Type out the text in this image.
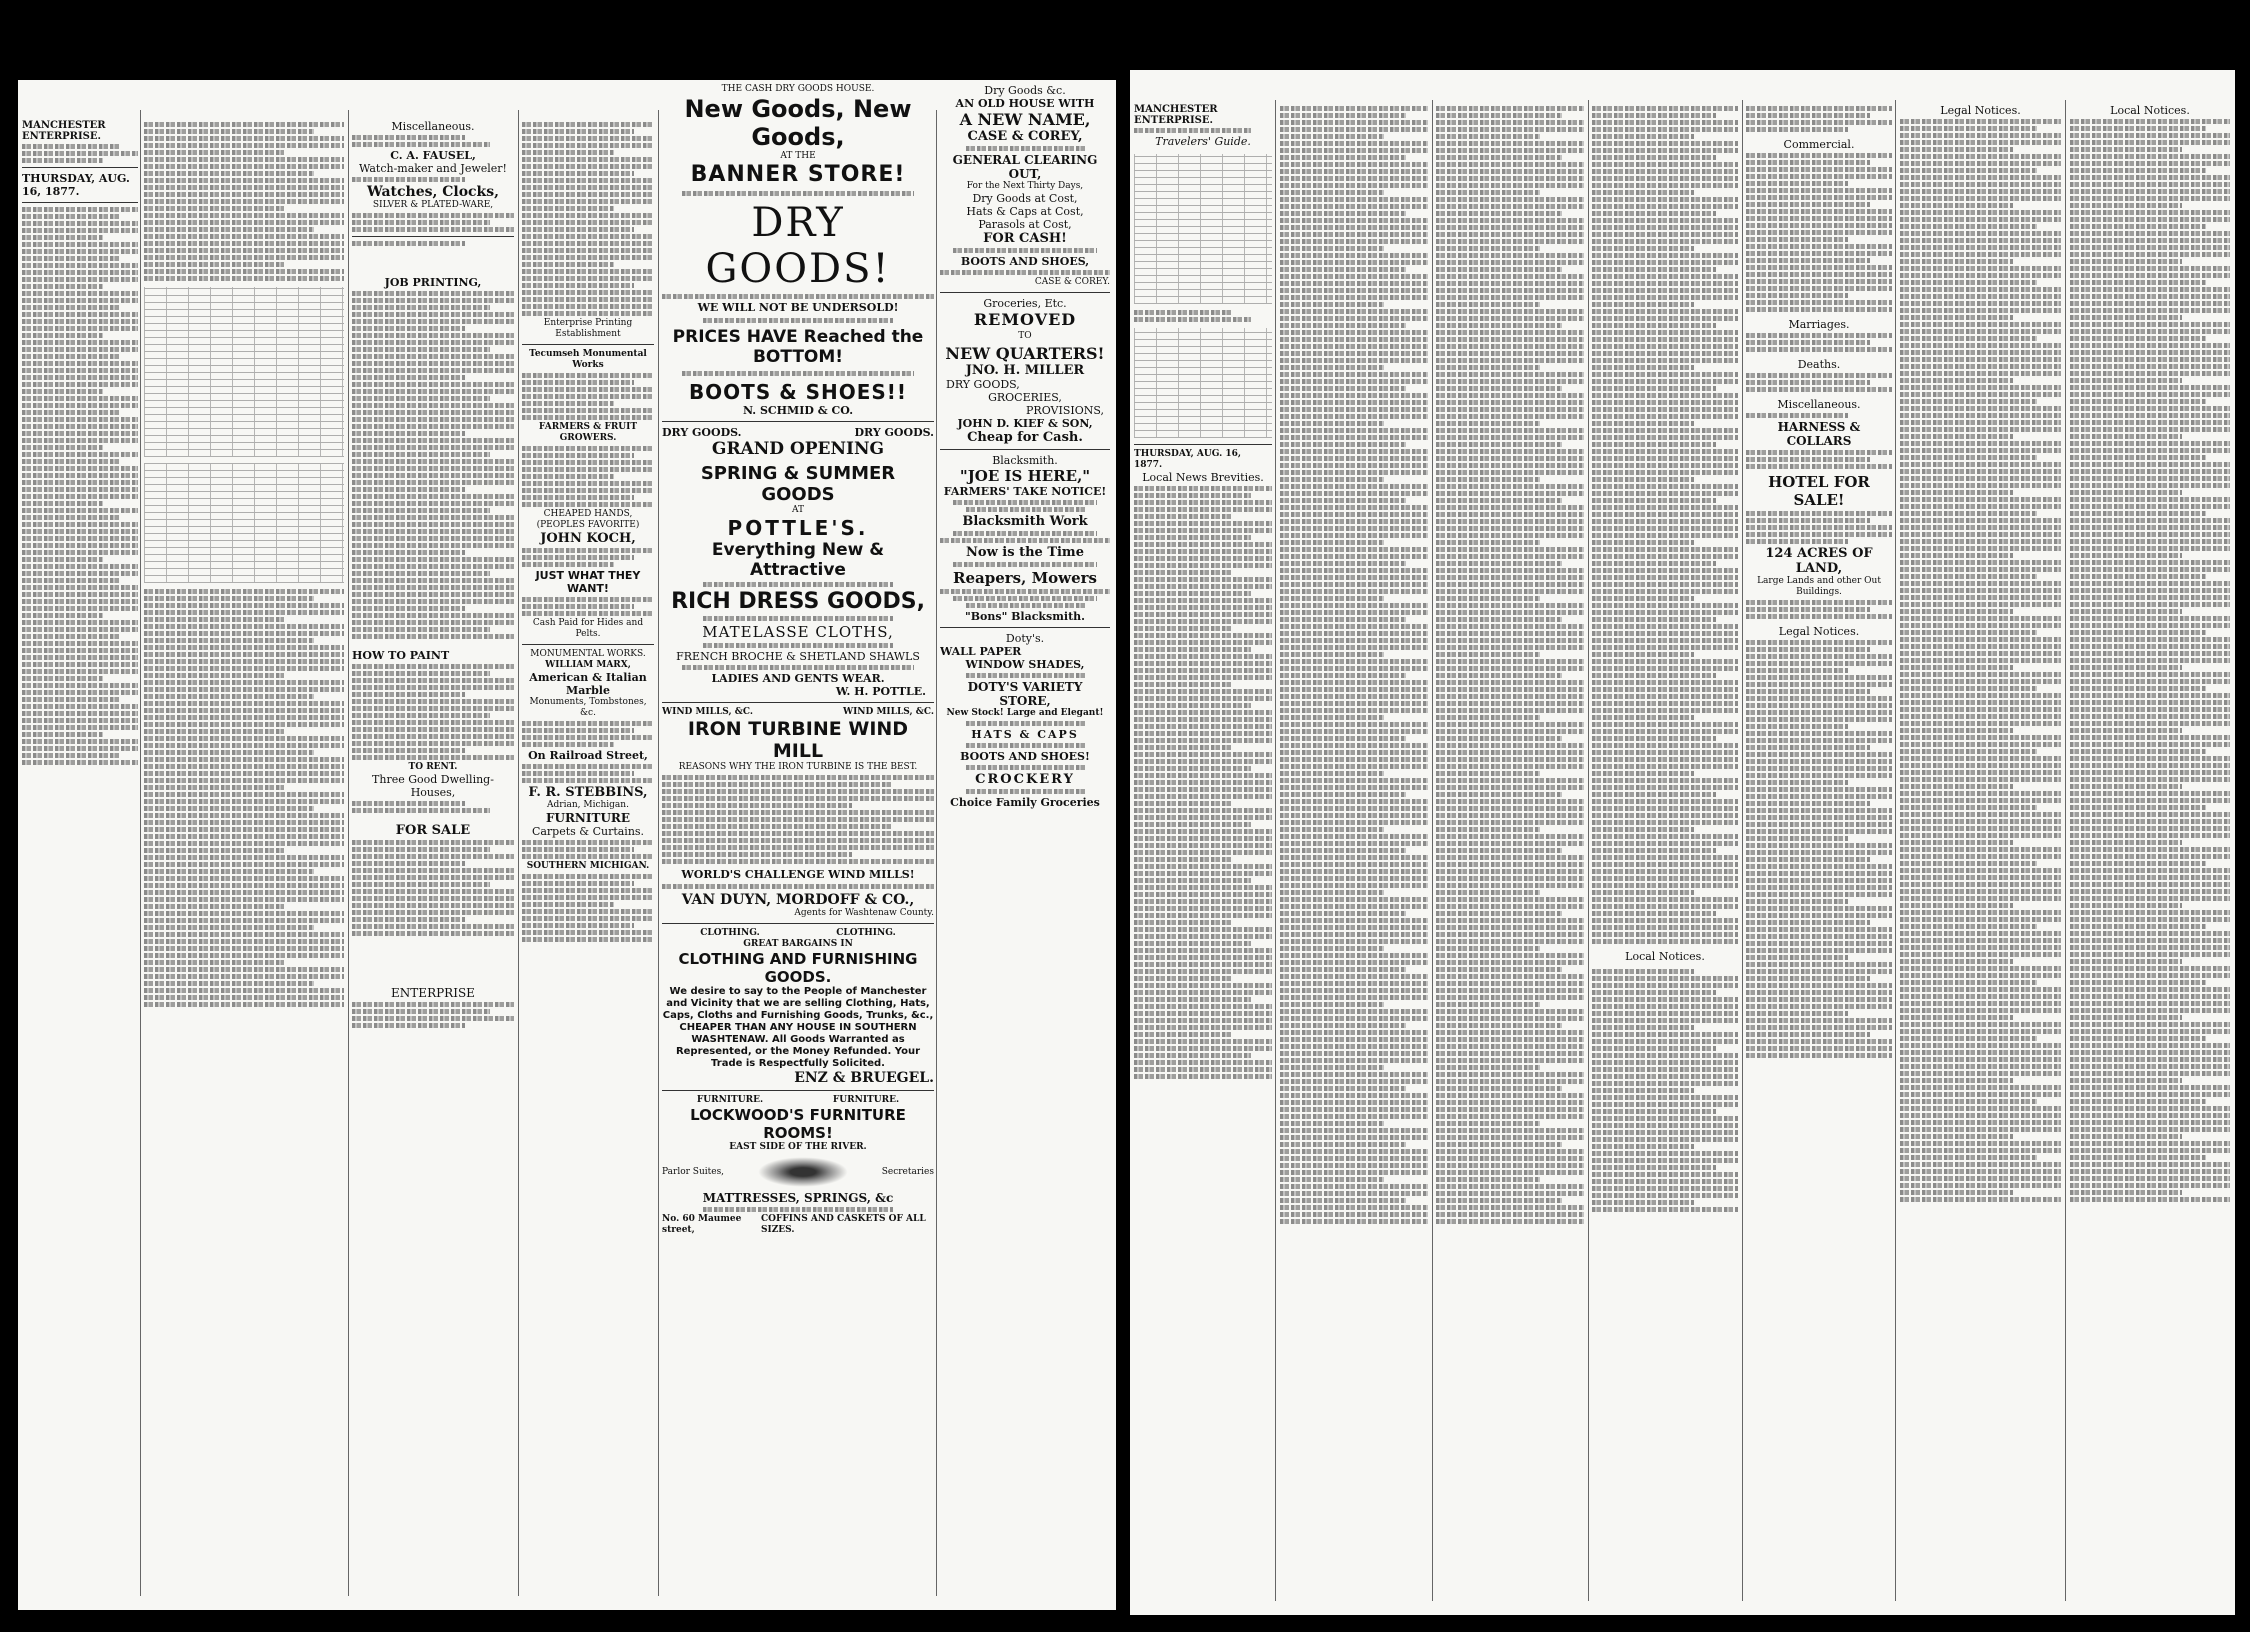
MANCHESTER ENTERPRISE.
THURSDAY, AUG. 16, 1877.
Miscellaneous.
C. A. FAUSEL,
Watch-maker and Jeweler!
Watches, Clocks,
SILVER & PLATED-WARE,
JOB PRINTING,
HOW TO PAINT
TO RENT.
Three Good Dwelling-Houses,
FOR SALE
ENTERPRISE
Enterprise Printing Establishment
Tecumseh Monumental Works
FARMERS & FRUIT GROWERS.
CHEAPED HANDS,
(PEOPLES FAVORITE)
JOHN KOCH,
JUST WHAT THEY WANT!
Cash Paid for Hides and Pelts.
MONUMENTAL WORKS.
WILLIAM MARX,
American & Italian Marble
Monuments, Tombstones, &c.
On Railroad Street,
F. R. STEBBINS,
Adrian, Michigan.
FURNITURE
Carpets & Curtains.
SOUTHERN MICHIGAN.
THE CASH DRY GOODS HOUSE.
New Goods, New Goods,
AT THE
BANNER STORE!
DRY GOODS!
WE WILL NOT BE UNDERSOLD!
PRICES HAVE Reached the BOTTOM!
BOOTS & SHOES!!
N. SCHMID & CO.
DRY GOODS.	DRY GOODS.
GRAND OPENING
SPRING & SUMMER GOODS
AT
POTTLE'S.
Everything New & Attractive
RICH DRESS GOODS,
MATELASSE CLOTHS,
FRENCH BROCHE & SHETLAND SHAWLS
LADIES AND GENTS WEAR.
W. H. POTTLE.
WIND MILLS, &C.	WIND MILLS, &C.
IRON TURBINE WIND MILL
REASONS WHY THE IRON TURBINE IS THE BEST.
WORLD'S CHALLENGE WIND MILLS!
VAN DUYN, MORDOFF & CO.,
Agents for Washtenaw County.
CLOTHING.	CLOTHING.
GREAT BARGAINS IN
CLOTHING AND FURNISHING GOODS.
We desire to say to the People of Manchester and Vicinity that we are selling Clothing, Hats, Caps, Cloths and Furnishing Goods, Trunks, &c., CHEAPER THAN ANY HOUSE IN SOUTHERN WASHTENAW. All Goods Warranted as Represented, or the Money Refunded. Your Trade is Respectfully Solicited.
ENZ & BRUEGEL.
FURNITURE.	FURNITURE.
LOCKWOOD'S FURNITURE ROOMS!
EAST SIDE OF THE RIVER.
Parlor Suites,	Secretaries
MATTRESSES, SPRINGS, &c
No. 60 Maumee street,
COFFINS AND CASKETS OF ALL SIZES.
Dry Goods &c.
AN OLD HOUSE WITH
A NEW NAME,
CASE & COREY,
GENERAL CLEARING OUT,
For the Next Thirty Days,
Dry Goods at Cost,
Hats & Caps at Cost,
Parasols at Cost,
FOR CASH!
BOOTS AND SHOES,
CASE & COREY.
Groceries, Etc.
REMOVED
TO
NEW QUARTERS!
JNO. H. MILLER
DRY GOODS,
GROCERIES,
PROVISIONS,
JOHN D. KIEF & SON,
Cheap for Cash.
Blacksmith.
"JOE IS HERE,"
FARMERS' TAKE NOTICE!
Blacksmith Work
Now is the Time
Reapers, Mowers
"Bons" Blacksmith.
Doty's.
WALL PAPER
WINDOW SHADES,
DOTY'S VARIETY STORE,
New Stock! Large and Elegant!
HATS & CAPS
BOOTS AND SHOES!
CROCKERY
Choice Family Groceries
MANCHESTER ENTERPRISE.
Travelers' Guide.
THURSDAY, AUG. 16, 1877.
Local News Brevities.
Local Notices.
Commercial.
Marriages.
Deaths.
Miscellaneous.
HARNESS & COLLARS
HOTEL FOR SALE!
124 ACRES OF LAND,
Large Lands and other Out Buildings.
Legal Notices.
Legal Notices.	Local Notices.
